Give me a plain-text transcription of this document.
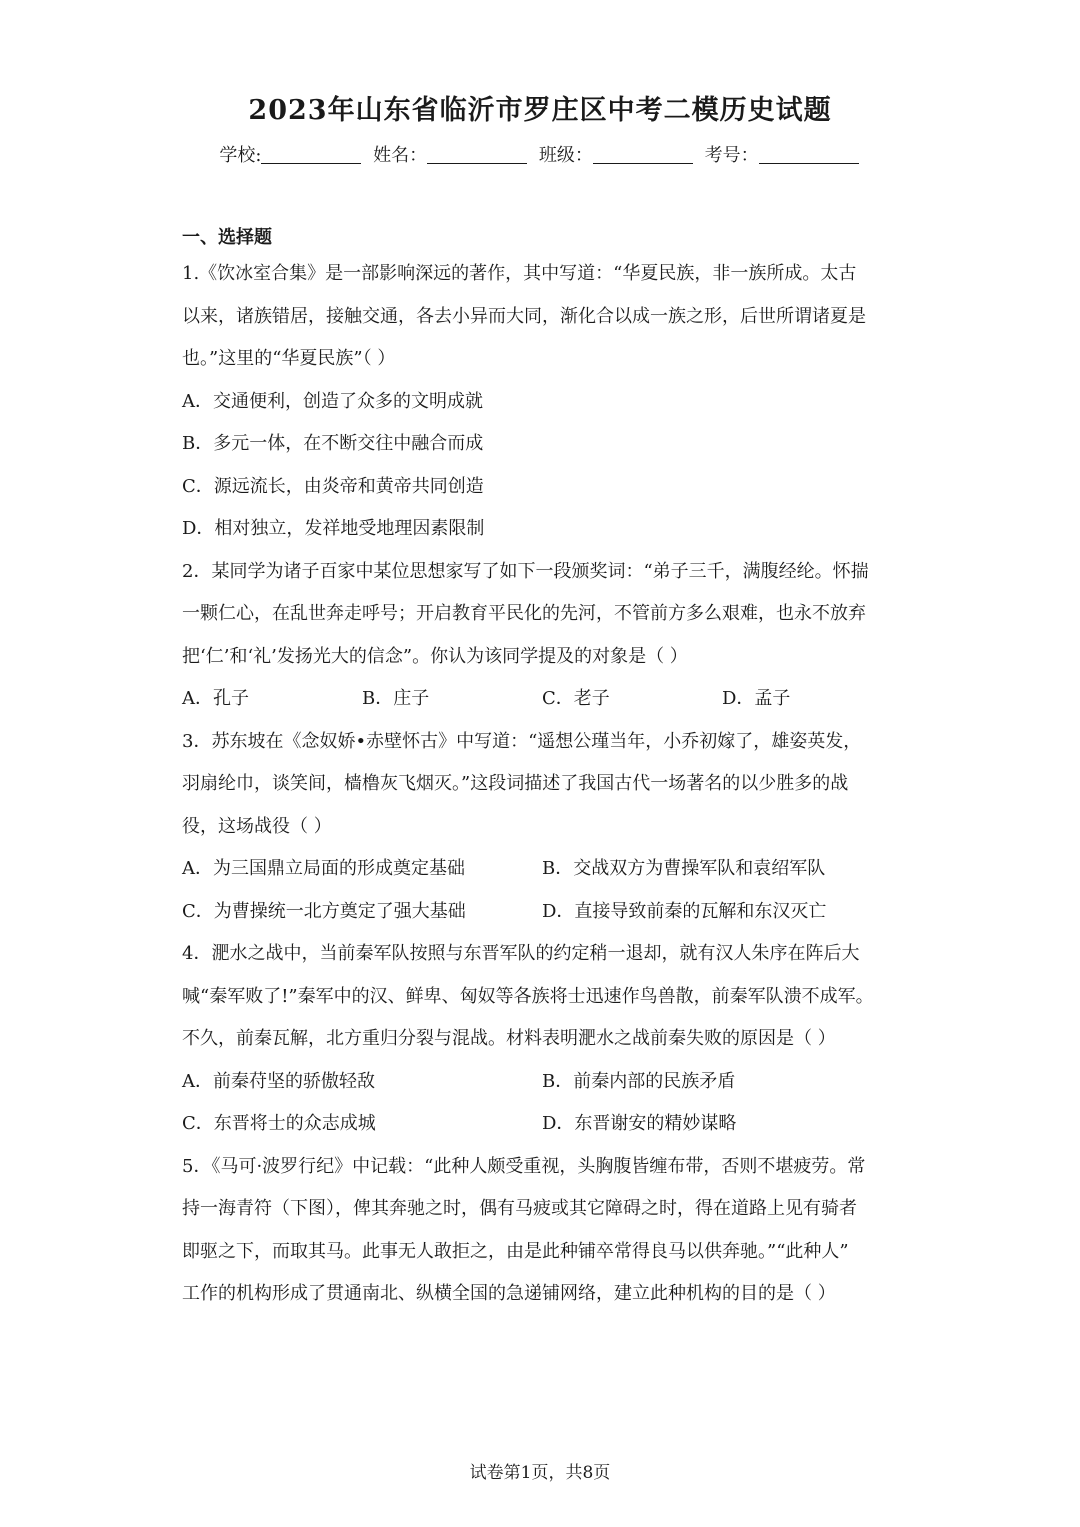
2023年山东省临沂市罗庄区中考二模历史试题
学校:	姓名：	班级：	考号：
一、选择题
1.《饮冰室合集》是一部影响深远的著作，其中写道：“华夏民族，非一族所成。太古
以来，诸族错居，接触交通，各去小异而大同，渐化合以成一族之形，后世所谓诸夏是
也。”这里的“华夏民族”（ ）
A．交通便利，创造了众多的文明成就
B．多元一体，在不断交往中融合而成
C．源远流长，由炎帝和黄帝共同创造
D．相对独立，发祥地受地理因素限制
2．某同学为诸子百家中某位思想家写了如下一段颁奖词：“弟子三千，满腹经纶。怀揣
一颗仁心，在乱世奔走呼号；开启教育平民化的先河，不管前方多么艰难，也永不放弃
把‘仁’和‘礼’发扬光大的信念”。你认为该同学提及的对象是（ ）
A．孔子	B．庄子	C．老子	D．孟子
3．苏东坡在《念奴娇•赤壁怀古》中写道：“遥想公瑾当年，小乔初嫁了，雄姿英发，
羽扇纶巾，谈笑间，樯橹灰飞烟灭。”这段词描述了我国古代一场著名的以少胜多的战
役，这场战役（ ）
A．为三国鼎立局面的形成奠定基础	B．交战双方为曹操军队和袁绍军队
C．为曹操统一北方奠定了强大基础	D．直接导致前秦的瓦解和东汉灭亡
4．淝水之战中，当前秦军队按照与东晋军队的约定稍一退却，就有汉人朱序在阵后大
喊“秦军败了!”秦军中的汉、鲜卑、匈奴等各族将士迅速作鸟兽散，前秦军队溃不成军。
不久，前秦瓦解，北方重归分裂与混战。材料表明淝水之战前秦失败的原因是（ ）
A．前秦苻坚的骄傲轻敌	B．前秦内部的民族矛盾
C．东晋将士的众志成城	D．东晋谢安的精妙谋略
5．《马可·波罗行纪》中记载：“此种人颇受重视，头胸腹皆缠布带，否则不堪疲劳。常
持一海青符（下图），俾其奔驰之时，偶有马疲或其它障碍之时，得在道路上见有骑者
即驱之下，而取其马。此事无人敢拒之，由是此种铺卒常得良马以供奔驰。”“此种人”
工作的机构形成了贯通南北、纵横全国的急递铺网络，建立此种机构的目的是（ ）
试卷第1页，共8页
